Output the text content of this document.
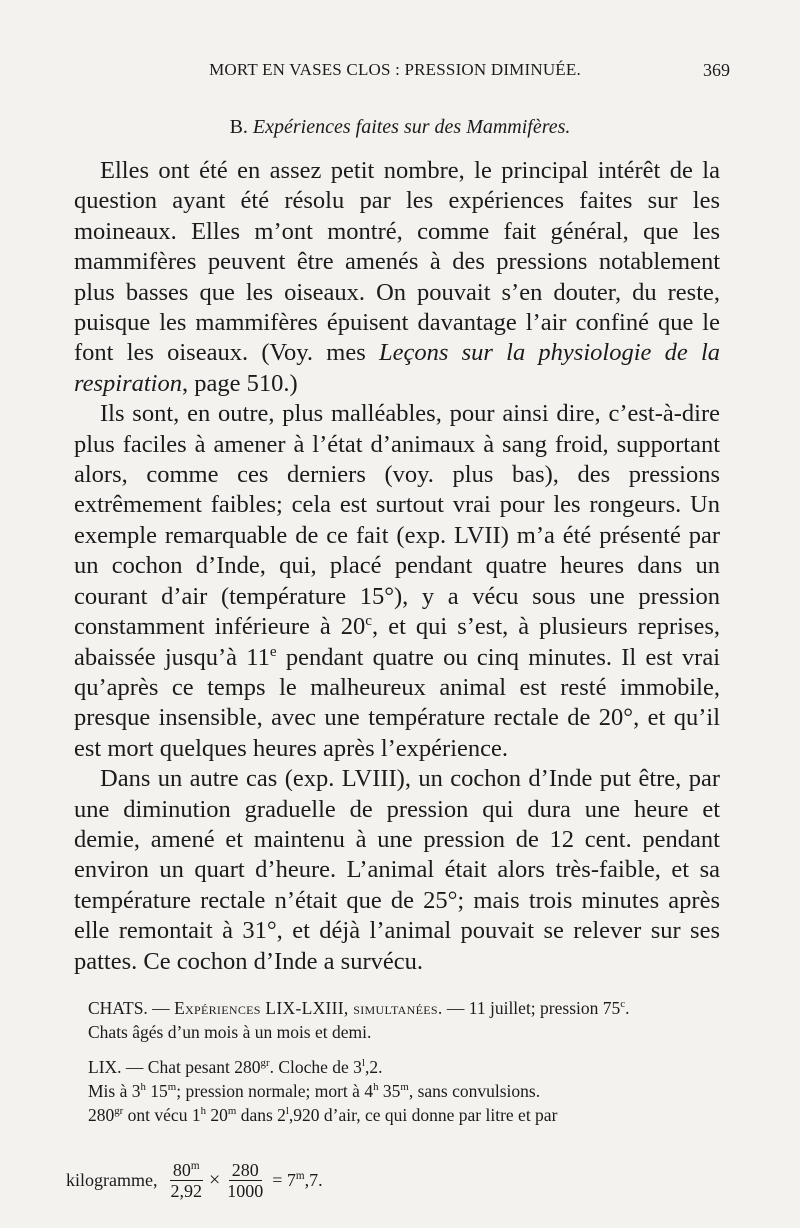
MORT EN VASES CLOS : PRESSION DIMINUÉE.	369
B. Expériences faites sur des Mammifères.

Elles ont été en assez petit nombre, le principal intérêt de la question ayant été résolu par les expériences faites sur les moineaux. Elles m’ont montré, comme fait général, que les mammifères peuvent être amenés à des pressions notablement plus basses que les oiseaux. On pouvait s’en douter, du reste, puisque les mammifères épuisent davantage l’air confiné que le font les oiseaux. (Voy. mes Leçons sur la physiologie de la respiration, page 510.)

Ils sont, en outre, plus malléables, pour ainsi dire, c’est-à-dire plus faciles à amener à l’état d’animaux à sang froid, supportant alors, comme ces derniers (voy. plus bas), des pressions extrêmement faibles; cela est surtout vrai pour les rongeurs. Un exemple remarquable de ce fait (exp. LVII) m’a été présenté par un cochon d’Inde, qui, placé pendant quatre heures dans un courant d’air (température 15°), y a vécu sous une pression constamment inférieure à 20$^c$, et qui s’est, à plusieurs reprises, abaissée jusqu’à 11e pendant quatre ou cinq minutes. Il est vrai qu’après ce temps le malheureux animal est resté immobile, presque insensible, avec une température rectale de 20°, et qu’il est mort quelques heures après l’expérience.

Dans un autre cas (exp. LVIII), un cochon d’Inde put être, par une diminution graduelle de pression qui dura une heure et demie, amené et maintenu à une pression de 12 cent. pendant environ un quart d’heure. L’animal était alors très-faible, et sa température rectale n’était que de 25°; mais trois minutes après elle remontait à 31°, et déjà l’animal pouvait se relever sur ses pattes. Ce cochon d’Inde a survécu.

CHATS. — Expériences LIX-LXIII, simultanées. — 11 juillet; pression 75$^c$.
Chats âgés d’un mois à un mois et demi.
LIX. — Chat pesant $280^{gr}$. Cloche de 3$^l$,2.
Mis à 3$^h$ 15$^m$; pression normale; mort à 4$^h$ 35$^m$, sans convulsions.
$280^{gr}$ ont vécu 1$^h$ 20$^m$ dans 2$^l$,920 d’air, ce qui donne par litre et par
kilogramme, $\frac{80^m}{2,92} \times \frac{280}{1000} = 7^m,7$.
